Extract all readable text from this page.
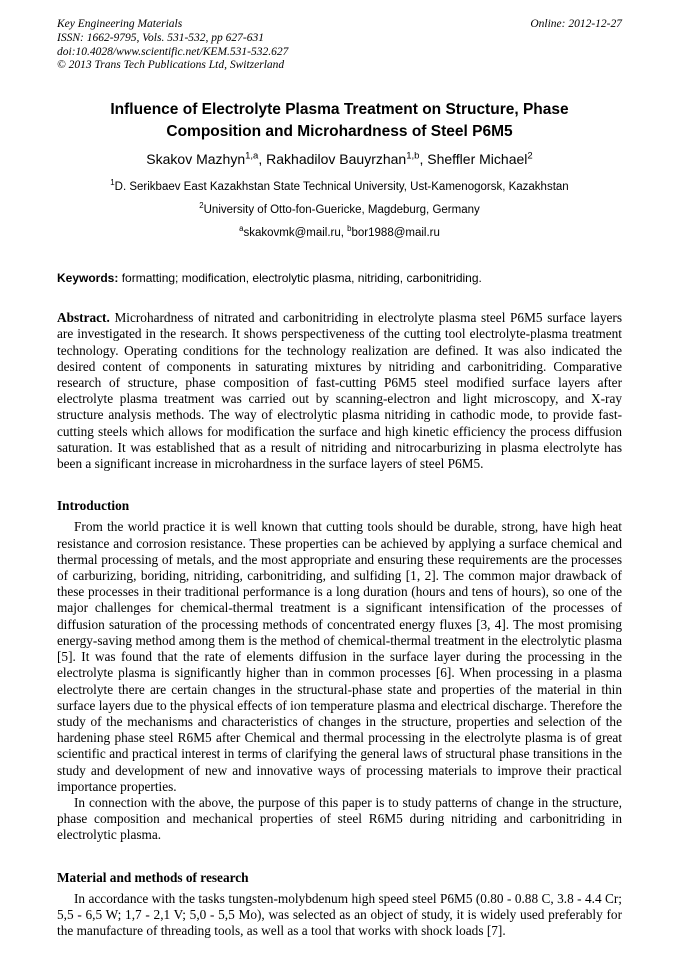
Key Engineering Materials
ISSN: 1662-9795, Vols. 531-532, pp 627-631
doi:10.4028/www.scientific.net/KEM.531-532.627
© 2013 Trans Tech Publications Ltd, Switzerland
Online: 2012-12-27
Influence of Electrolyte Plasma Treatment on Structure, Phase
Composition and Microhardness of Steel P6M5
Skakov Mazhyn$^{1,a}$, Rakhadilov Bauyrzhan$^{1,b}$, Sheffler Michael$^2$
$^1$D. Serikbaev East Kazakhstan State Technical University, Ust-Kamenogorsk, Kazakhstan
$^2$University of Otto-fon-Guericke, Magdeburg, Germany
$^a$skakovmk@mail.ru, $^b$bor1988@mail.ru
Keywords: formatting; modification, electrolytic plasma, nitriding, carbonitriding.
Abstract. Microhardness of nitrated and carbonitriding in electrolyte plasma steel P6M5 surface layers are investigated in the research. It shows perspectiveness of the cutting tool electrolyte-plasma treatment technology. Operating conditions for the technology realization are defined. It was also indicated the desired content of components in saturating mixtures by nitriding and carbonitriding. Comparative research of structure, phase composition of fast-cutting P6M5 steel modified surface layers after electrolyte plasma treatment was carried out by scanning-electron and light microscopy, and X-ray structure analysis methods. The way of electrolytic plasma nitriding in cathodic mode, to provide fast-cutting steels which allows for modification the surface and high kinetic efficiency the process diffusion saturation. It was established that as a result of nitriding and nitrocarburizing in plasma electrolyte has been a significant increase in microhardness in the surface layers of steel P6M5.
Introduction

From the world practice it is well known that cutting tools should be durable, strong, have high heat resistance and corrosion resistance. These properties can be achieved by applying a surface chemical and thermal processing of metals, and the most appropriate and ensuring these requirements are the processes of carburizing, boriding, nitriding, carbonitriding, and sulfiding [1, 2]. The common major drawback of these processes in their traditional performance is a long duration (hours and tens of hours), so one of the major challenges for chemical-thermal treatment is a significant intensification of the processes of diffusion saturation of the processing methods of concentrated energy fluxes [3, 4]. The most promising energy-saving method among them is the method of chemical-thermal treatment in the electrolytic plasma [5]. It was found that the rate of elements diffusion in the surface layer during the processing in the electrolyte plasma is significantly higher than in common processes [6]. When processing in a plasma electrolyte there are certain changes in the structural-phase state and properties of the material in thin surface layers due to the physical effects of ion temperature plasma and electrical discharge. Therefore the study of the mechanisms and characteristics of changes in the structure, properties and selection of the hardening phase steel R6M5 after Chemical and thermal processing in the electrolyte plasma is of great scientific and practical interest in terms of clarifying the general laws of structural phase transitions in the study and development of new and innovative ways of processing materials to improve their practical importance properties.

In connection with the above, the purpose of this paper is to study patterns of change in the structure, phase composition and mechanical properties of steel R6M5 during nitriding and carbonitriding in electrolytic plasma.

Material and methods of research

In accordance with the tasks tungsten-molybdenum high speed steel P6M5 (0.80 - 0.88 C, 3.8 - 4.4 Cr; 5,5 - 6,5 W; 1,7 - 2,1 V; 5,0 - 5,5 Mo), was selected as an object of study, it is widely used preferably for the manufacture of threading tools, as well as a tool that works with shock loads [7].
